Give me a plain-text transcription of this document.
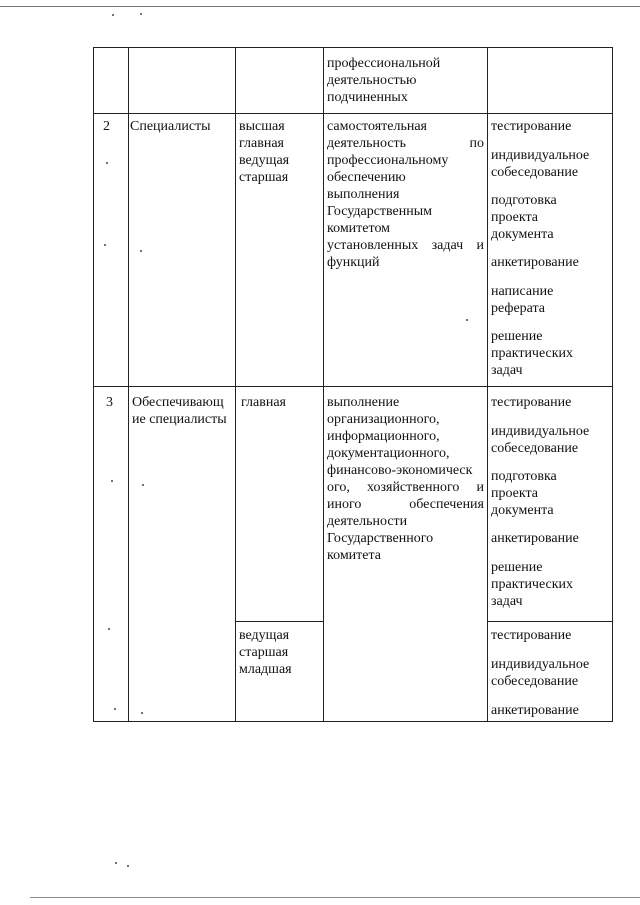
профессиональной
деятельностью
подчиненных
2 Специалисты высшая
главная
ведущая
старшая
самостоятельная
деятельность по
профессиональному
обеспечению
выполнения
Государственным
комитетом
установленных задач и
функций
тестирование
индивидуальное
собеседование
подготовка
проекта
документа
анкетирование
написание
реферата
решение
практических
задач
3 Обеспечивающ
ие специалисты
главная	выполнение
организационного,
информационного,
документационного,
финансово-экономическ
ого, хозяйственного и
иного обеспечения
деятельности
Государственного
комитета
тестирование
индивидуальное
собеседование
подготовка
проекта
документа
анкетирование
решение
практических
задач
ведущая
старшая
младшая
тестирование
индивидуальное
собеседование
анкетирование
